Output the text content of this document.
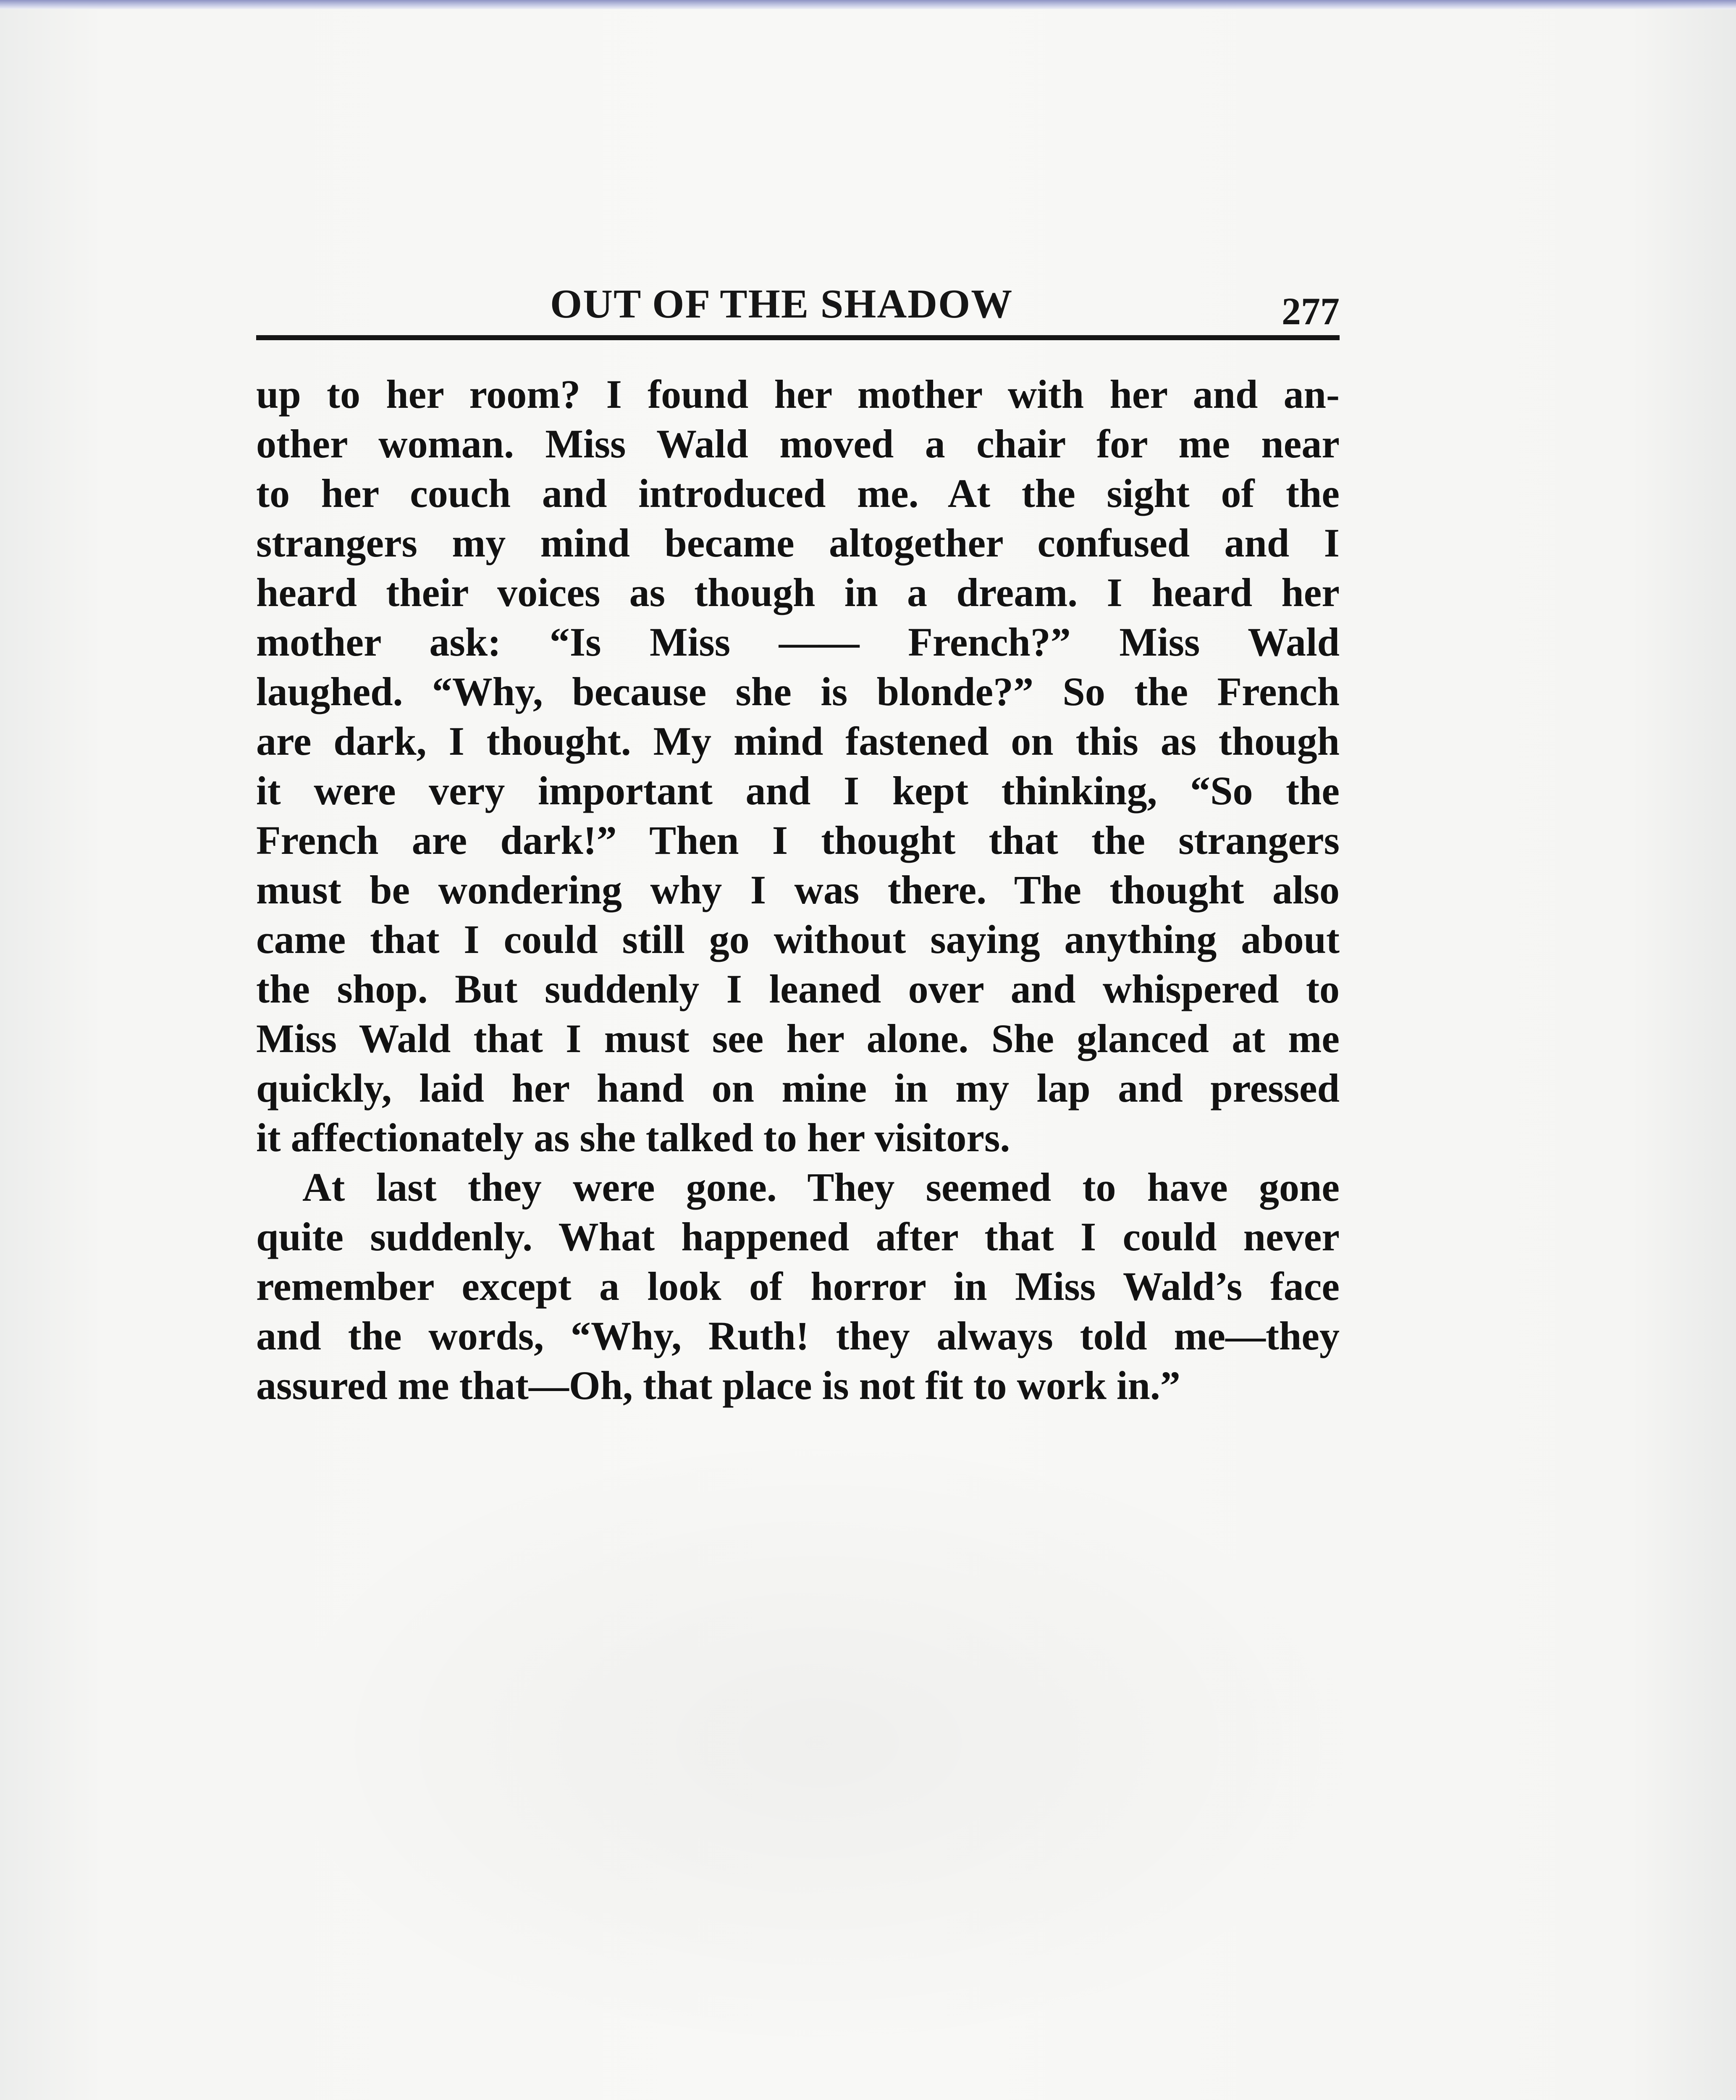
OUT OF THE SHADOW	277
up to her room? I found her mother with her and an-
other woman. Miss Wald moved a chair for me near
to her couch and introduced me. At the sight of the
strangers my mind became altogether confused and I
heard their voices as though in a dream. I heard her
mother ask: “Is Miss —— French?” Miss Wald
laughed. “Why, because she is blonde?” So the French
are dark, I thought. My mind fastened on this as though
it were very important and I kept thinking, “So the
French are dark!” Then I thought that the strangers
must be wondering why I was there. The thought also
came that I could still go without saying anything about
the shop. But suddenly I leaned over and whispered to
Miss Wald that I must see her alone. She glanced at me
quickly, laid her hand on mine in my lap and pressed
it affectionately as she talked to her visitors.
At last they were gone. They seemed to have gone
quite suddenly. What happened after that I could never
remember except a look of horror in Miss Wald’s face
and the words, “Why, Ruth! they always told me—they
assured me that—Oh, that place is not fit to work in.”
